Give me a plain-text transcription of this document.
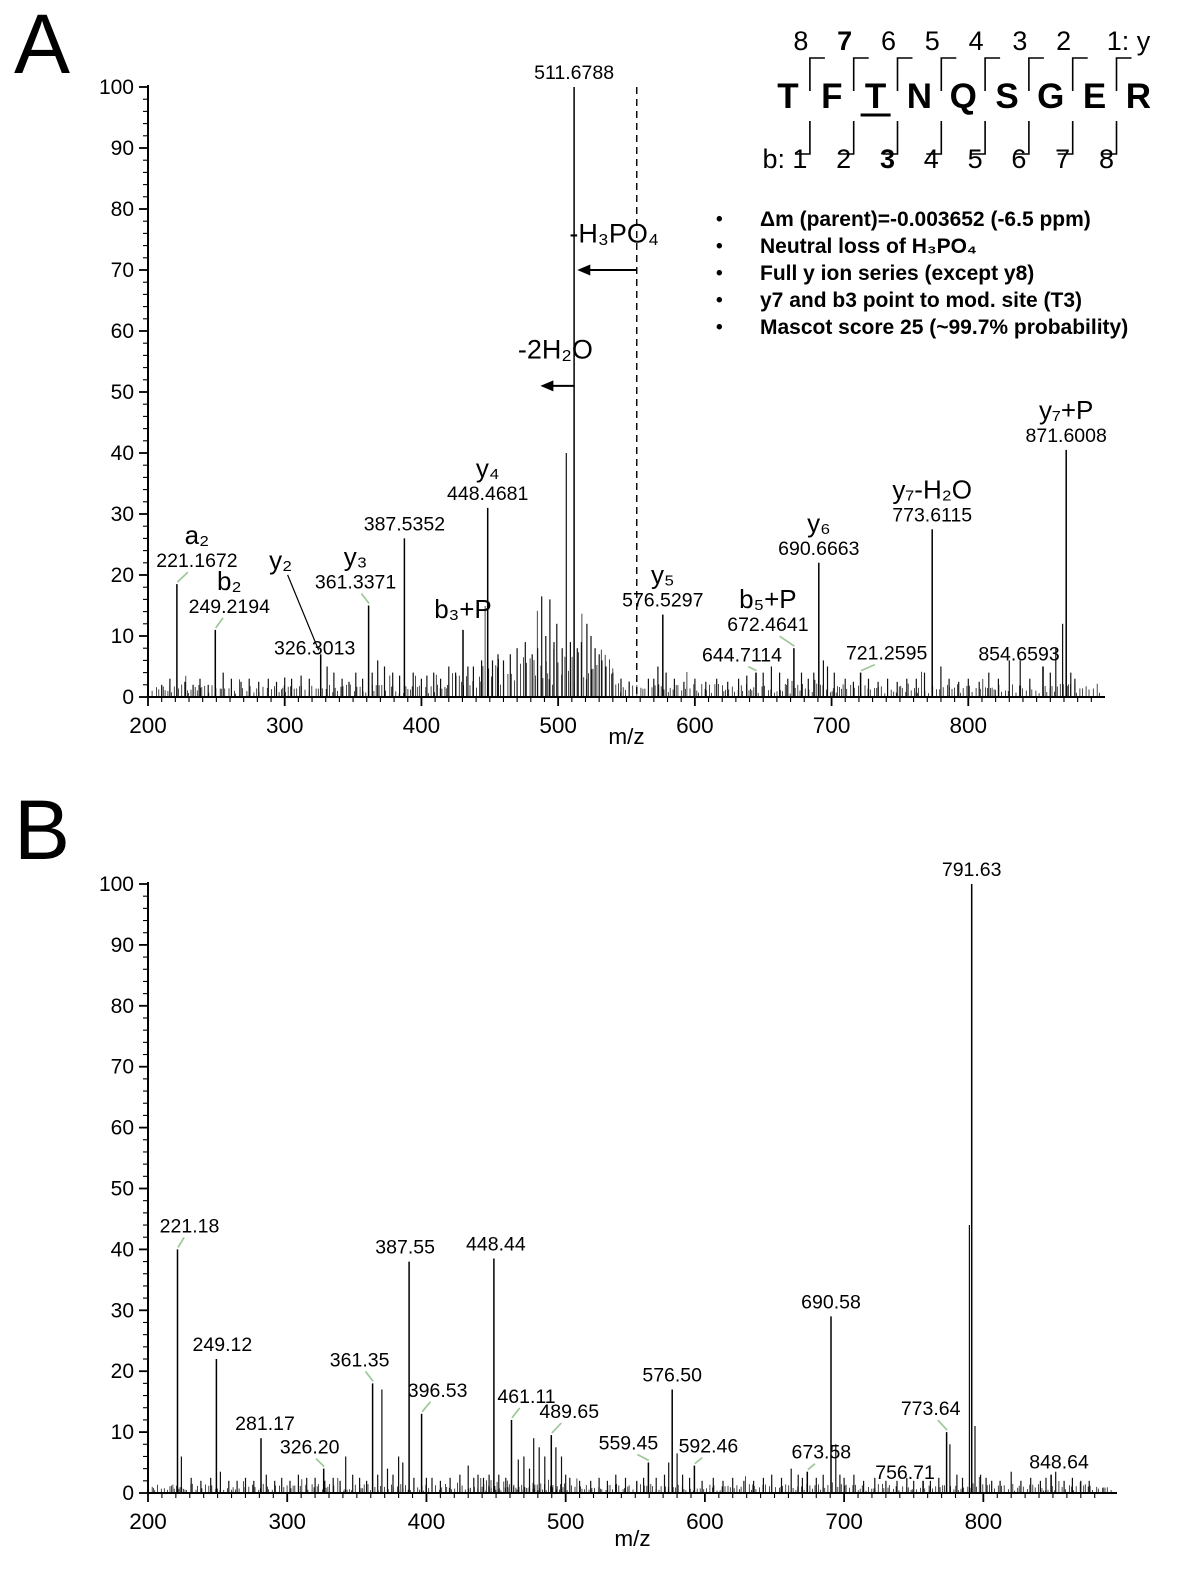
A
B
221.1672
a₂
249.2194
b₂
326.3013
y₂
361.3371
y₃
387.5352
b₃+P
448.4681
y₄
511.6788
576.5297
y₅
644.7114
672.4641
b₅+P
690.6663
y₆
721.2595
773.6115
y₇-H₂O
854.6593
871.6008
y₇+P
-H₃PO₄
-2H₂O
200	300	400	500	600	700	800
0
10
20
30
40
50
60
70
80
90
100
m/z
221.18
249.12
281.17
326.20
361.35
387.55
396.53
448.44
461.11
489.65
559.45
576.50
592.46	673.58
690.58
756.71
773.64
791.63
848.64
200	300	400	500	600	700	800
0
10
20
30
40
50
60
70
80
90
100
m/z
T F T N Q S G E R
8 7 6 5 4 3 2 1: y
1 2 3 4 5 6 7 8
b:
• Δm (parent)=-0.003652 (-6.5 ppm)
• Neutral loss of H₃PO₄
• Full y ion series (except y8)
• y7 and b3 point to mod. site (T3)
• Mascot score 25 (~99.7% probability)
